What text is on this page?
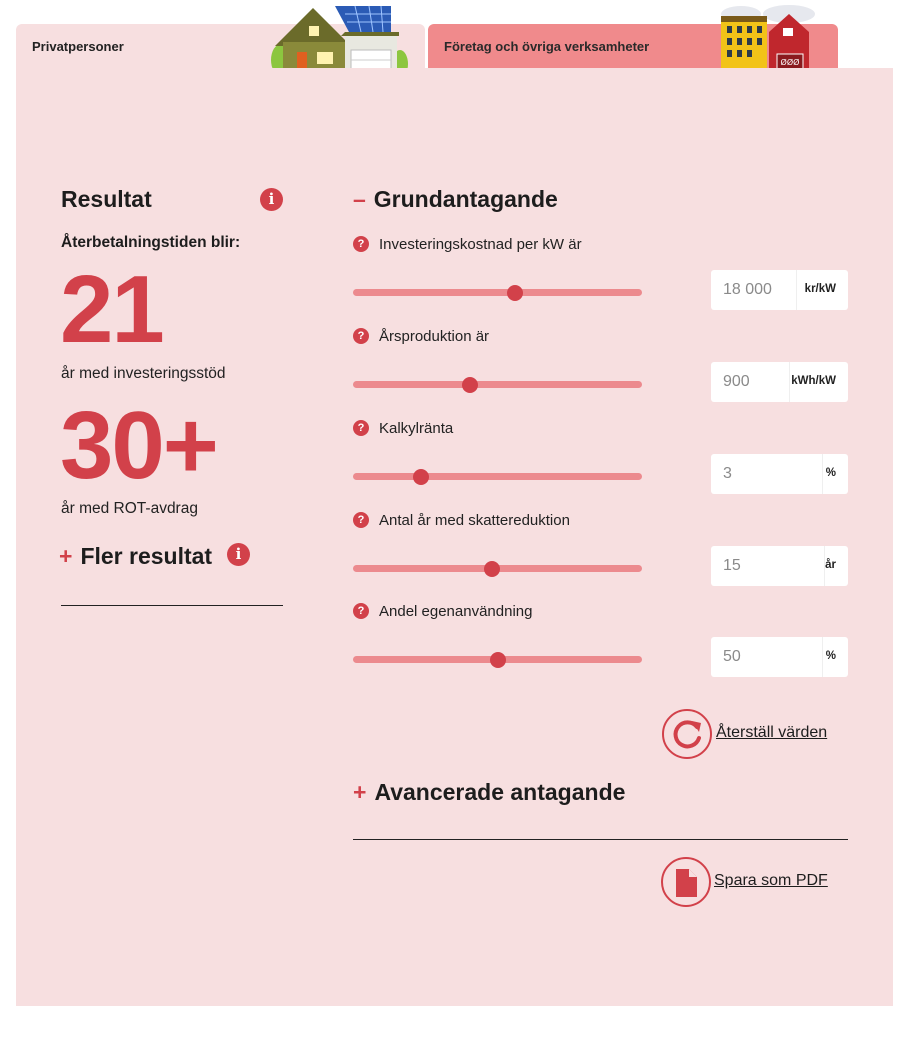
Privatpersoner	Företag och övriga verksamheter
ØØØ
Resultat	i
Återbetalningstiden blir:
21
år med investeringsstöd
30+
år med ROT-avdrag
+ Fler resultat	i
– Grundantagande
? Investeringskostnad per kW är
18 000	kr/kW
? Årsproduktion är
900	kWh/kW
? Kalkylränta
3	%
? Antal år med skattereduktion
15	år
? Andel egenanvändning
50	%
Återställ värden
+ Avancerade antagande
Spara som PDF
